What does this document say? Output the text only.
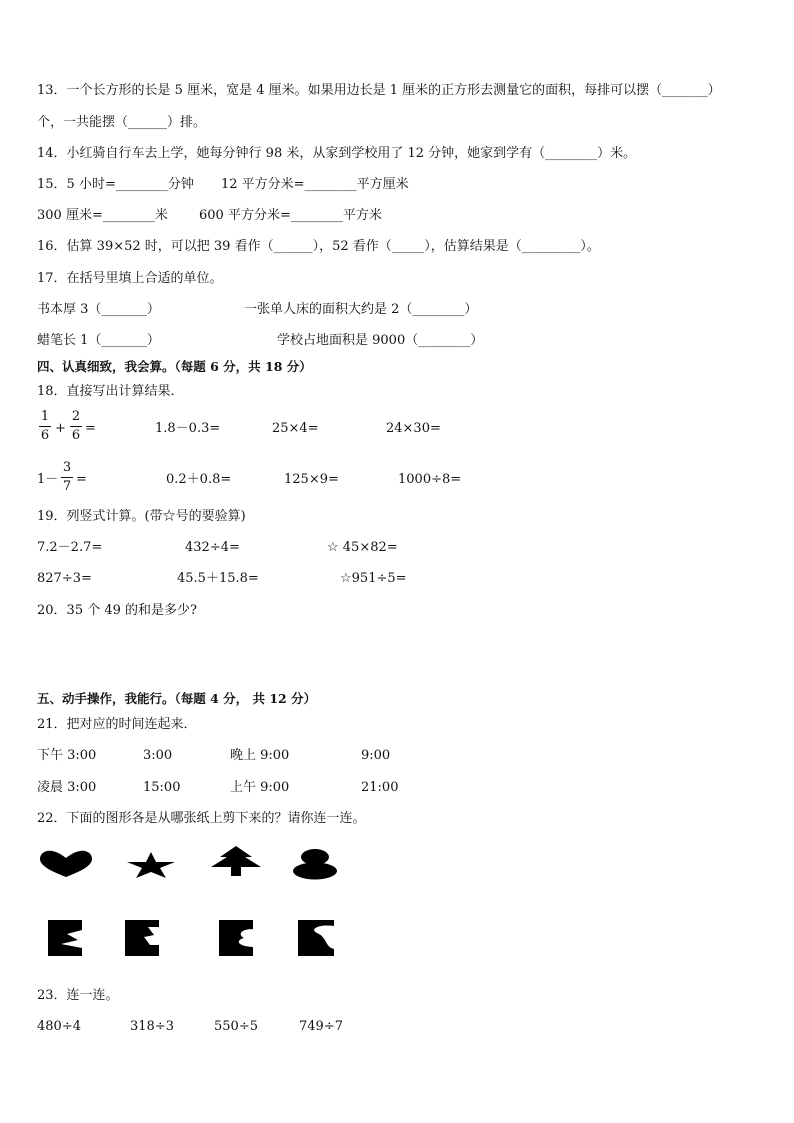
13．一个长方形的长是 5 厘米，宽是 4 厘米。如果用边长是 1 厘米的正方形去测量它的面积，每排可以摆（_______）
个，一共能摆（______）排。
14．小红骑自行车去上学，她每分钟行 98 米，从家到学校用了 12 分钟，她家到学有（________）米。
15．5 小时=________分钟 12 平方分米=________平方厘米
300 厘米=________米 600 平方分米=________平方米
16．估算 39×52 时，可以把 39 看作（______），52 看作（_____），估算结果是（_________）。
17．在括号里填上合适的单位。
书本厚 3（_______）	一张单人床的面积大约是 2（________）
蜡笔长 1（_______）	学校占地面积是 9000（________）
四、认真细致，我会算。（每题 6 分，共 18 分）
18．直接写出计算结果．
1
6 +
2
6 =	1.8－0.3=	25×4=	24×30=
1－
3
7 =	0.2＋0.8=	125×9=	1000÷8=
19．列竖式计算。(带☆号的要验算)
7.2－2.7=	432÷4=	☆ 45×82=
827÷3=	45.5＋15.8=	☆951÷5=
20．35 个 49 的和是多少?
五、动手操作，我能行。（每题 4 分， 共 12 分）
21．把对应的时间连起来．
下午 3:00	3:00	晚上 9:00	9:00
凌晨 3:00	15:00	上午 9:00	21:00
22．下面的图形各是从哪张纸上剪下来的？请你连一连。
23．连一连。
480÷4	318÷3	550÷5	749÷7
